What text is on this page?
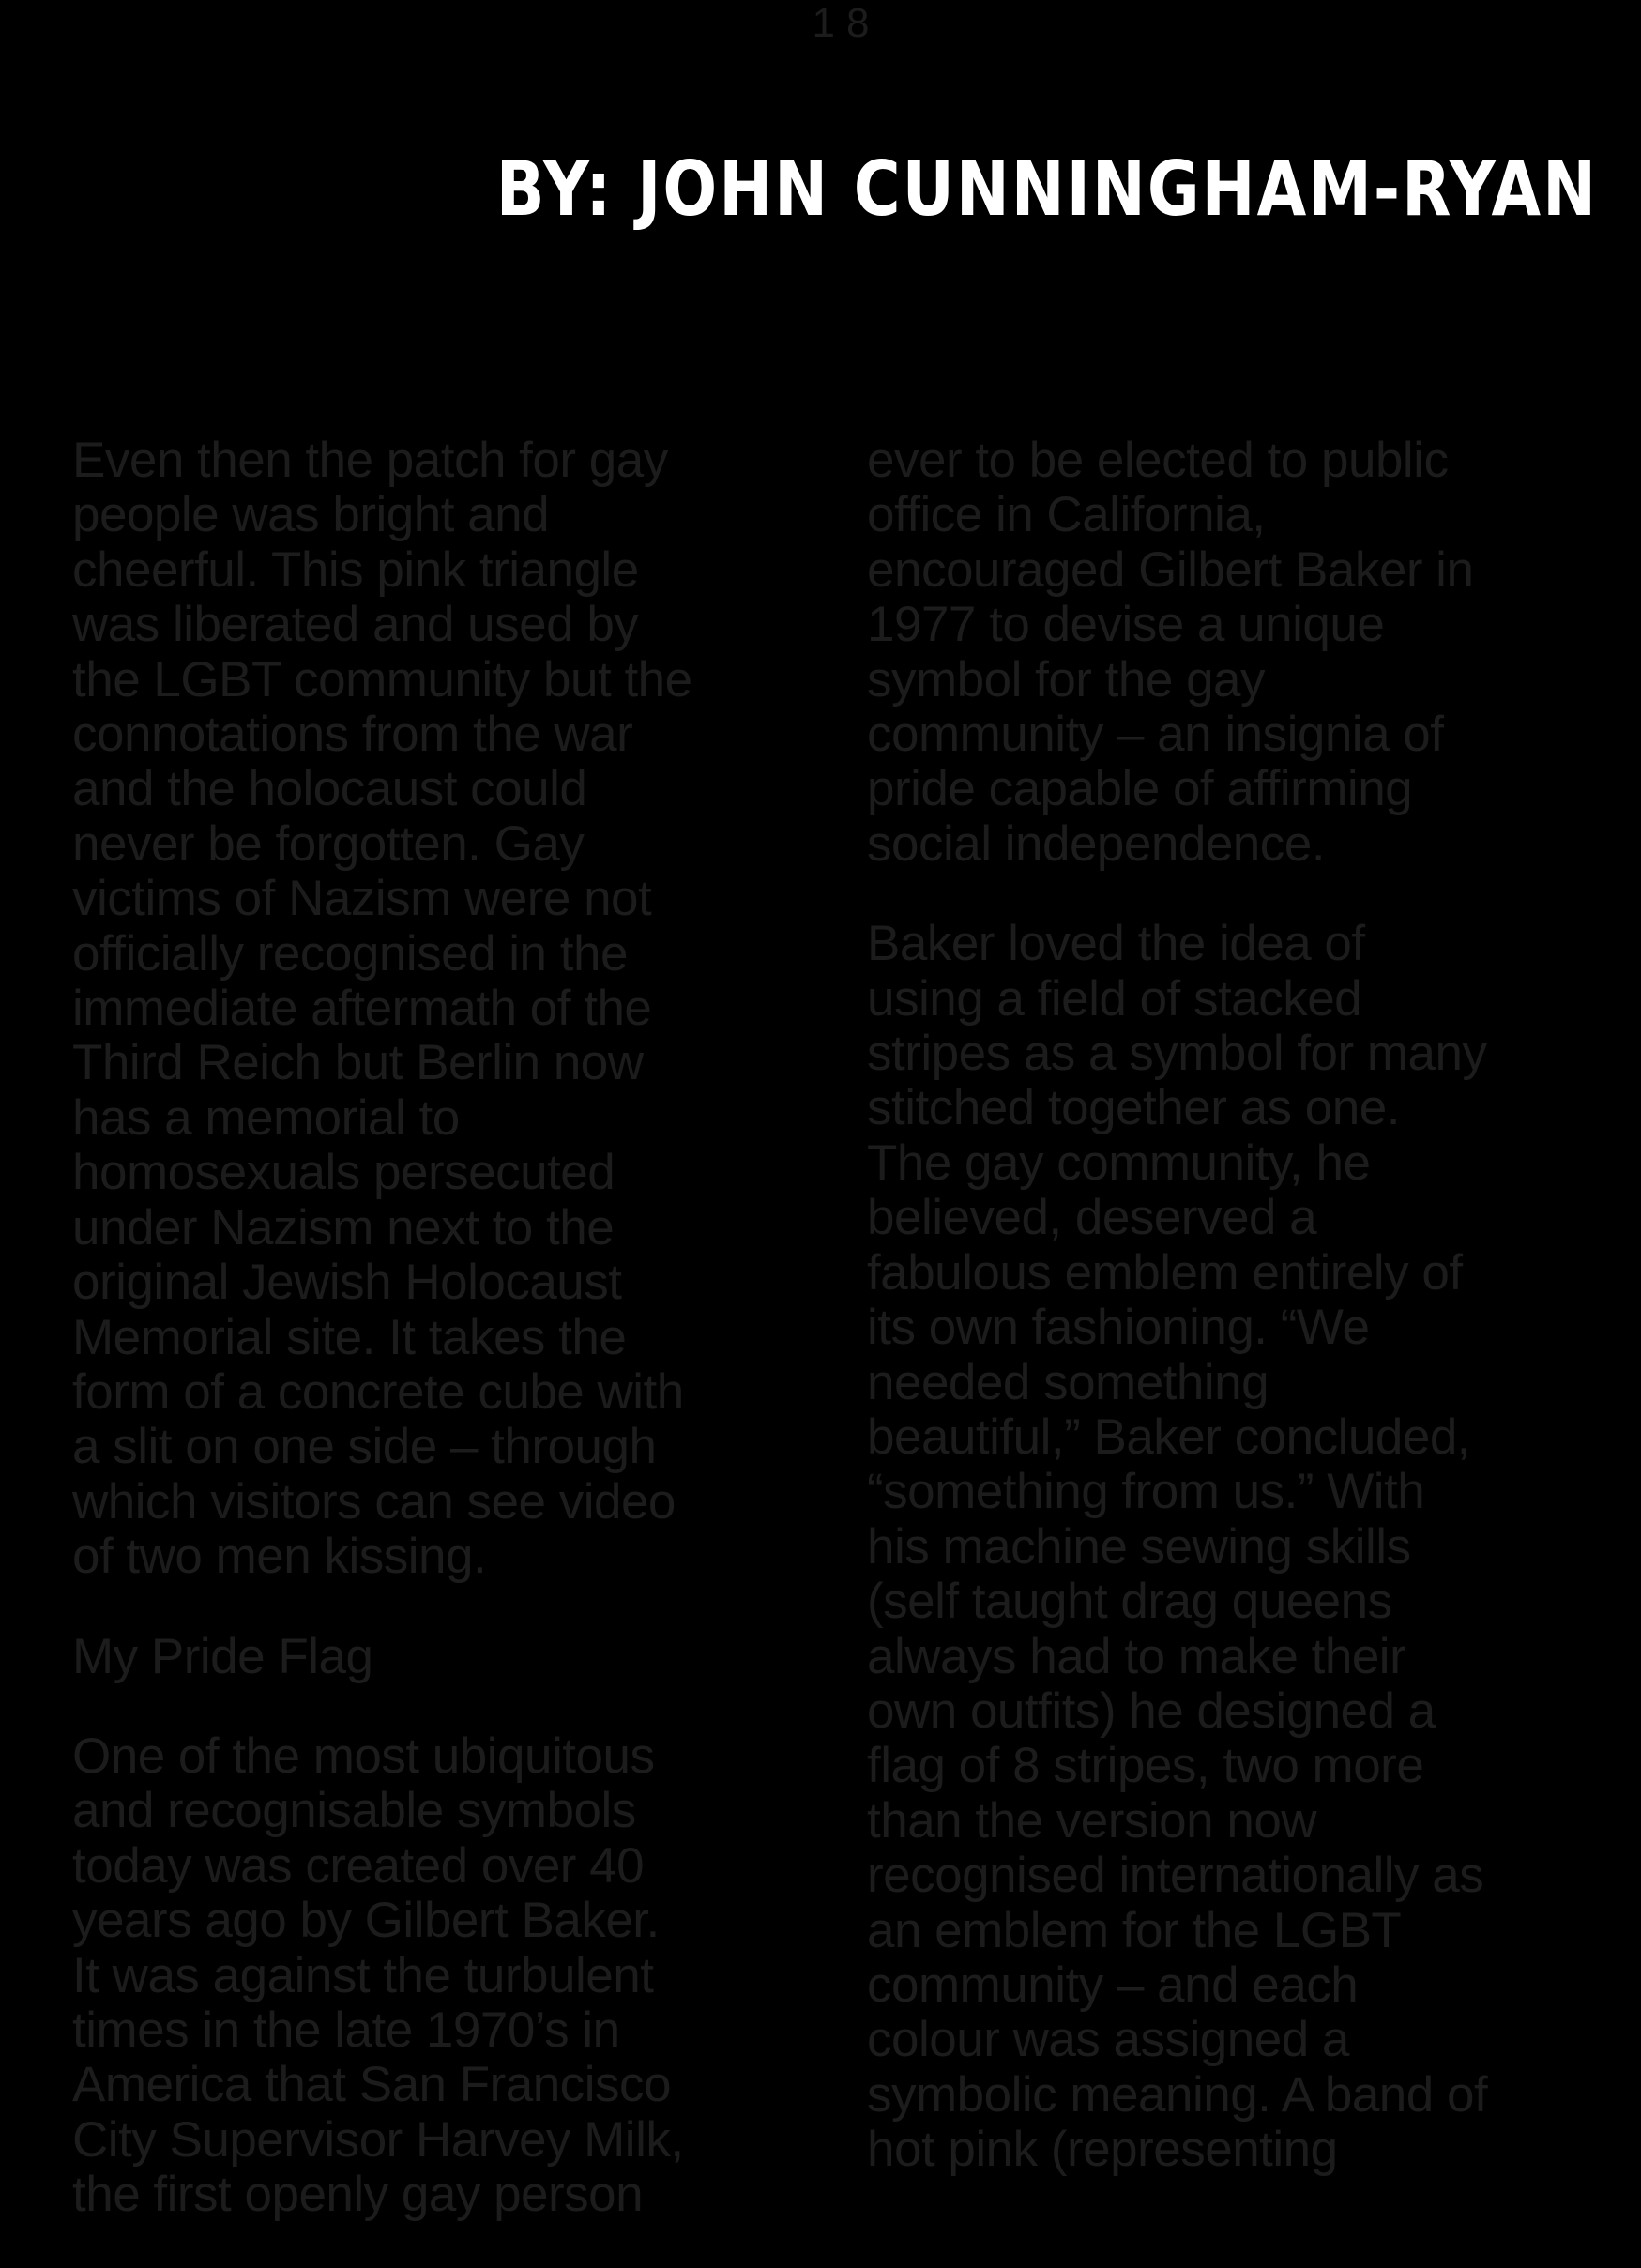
18
BY: JOHN CUNNINGHAM-RYAN

Even then the patch for gay

people was bright and

cheerful. This pink triangle

was liberated and used by

the LGBT community but the

connotations from the war

and the holocaust could

never be forgotten. Gay

victims of Nazism were not

officially recognised in the

immediate aftermath of the

Third Reich but Berlin now

has a memorial to

homosexuals persecuted

under Nazism next to the

original Jewish Holocaust

Memorial site. It takes the

form of a concrete cube with

a slit on one side – through

which visitors can see video

of two men kissing.

My Pride Flag

One of the most ubiquitous

and recognisable symbols

today was created over 40

years ago by Gilbert Baker.

It was against the turbulent

times in the late 1970’s in

America that San Francisco

City Supervisor Harvey Milk,

the first openly gay person

ever to be elected to public

office in California,

encouraged Gilbert Baker in

1977 to devise a unique

symbol for the gay

community – an insignia of

pride capable of affirming

social independence.

Baker loved the idea of

using a field of stacked

stripes as a symbol for many

stitched together as one.

The gay community, he

believed, deserved a

fabulous emblem entirely of

its own fashioning. “We

needed something

beautiful,” Baker concluded,

“something from us.” With

his machine sewing skills

(self taught drag queens

always had to make their

own outfits) he designed a

flag of 8 stripes, two more

than the version now

recognised internationally as

an emblem for the LGBT

community – and each

colour was assigned a

symbolic meaning. A band of

hot pink (representing
